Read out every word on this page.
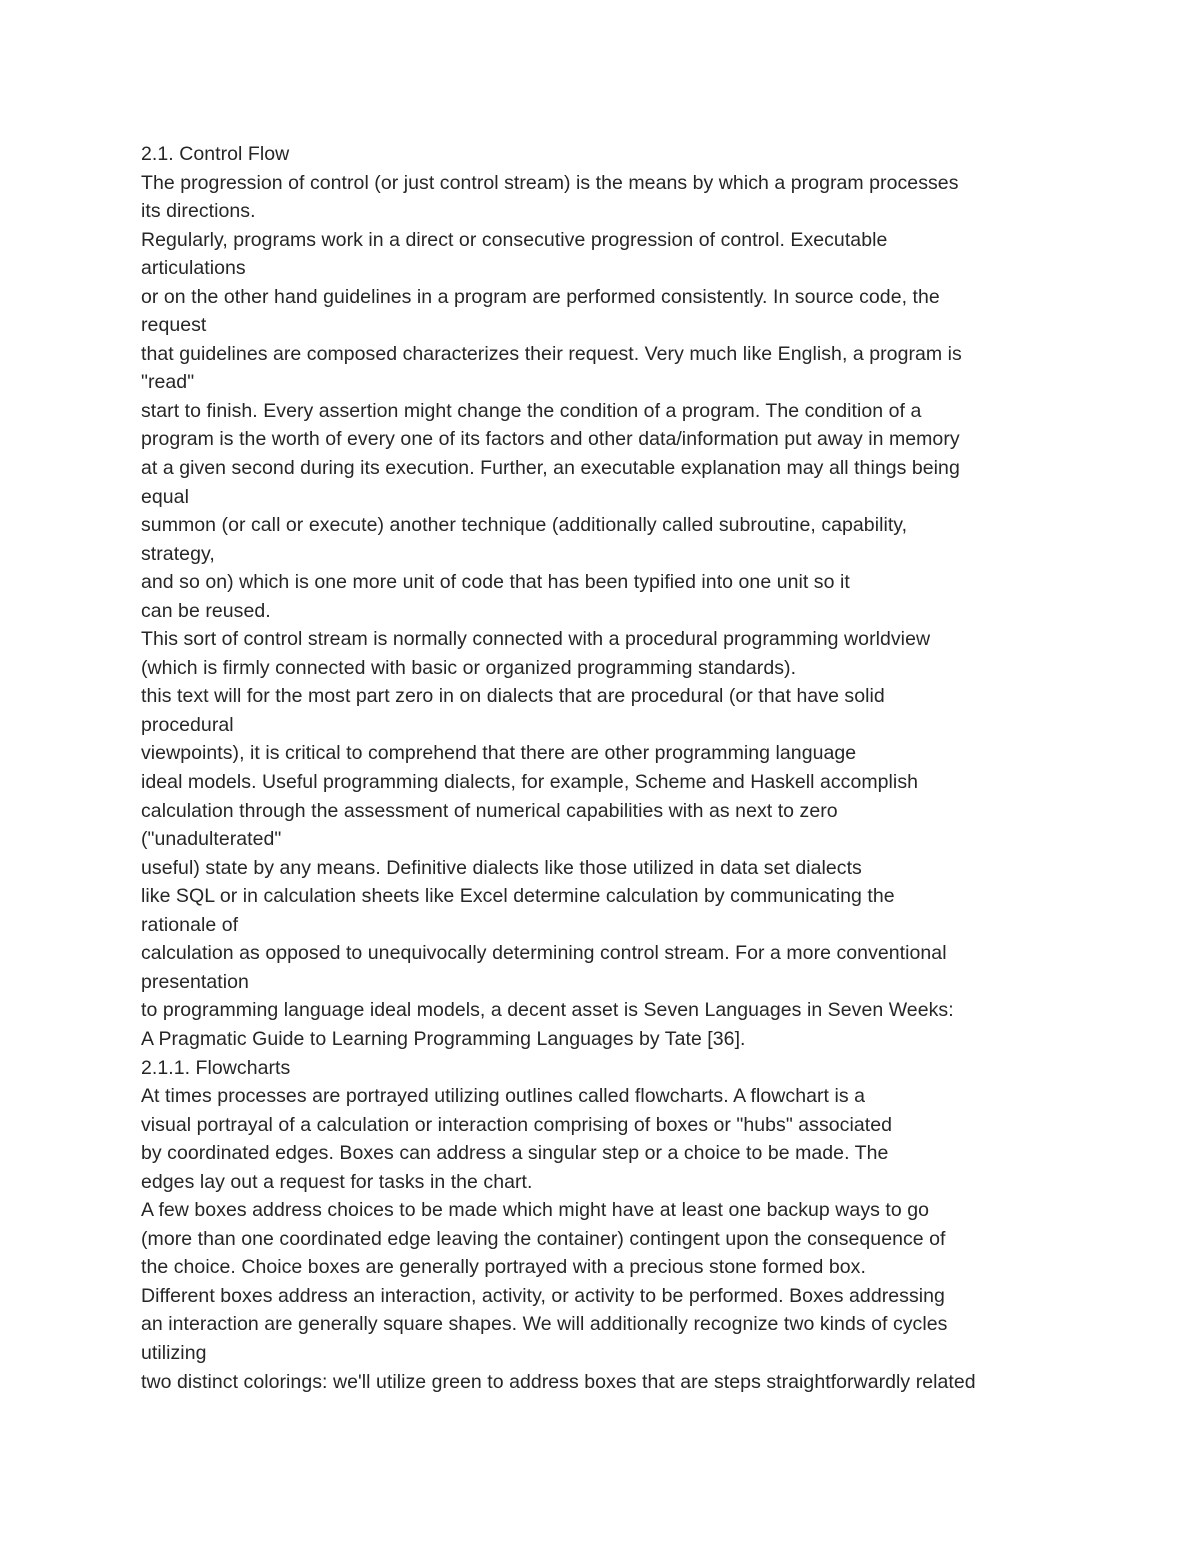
2.1. Control Flow
The progression of control (or just control stream) is the means by which a program processes
its directions.
Regularly, programs work in a direct or consecutive progression of control. Executable
articulations
or on the other hand guidelines in a program are performed consistently. In source code, the
request
that guidelines are composed characterizes their request. Very much like English, a program is
"read"
start to finish. Every assertion might change the condition of a program. The condition of a
program is the worth of every one of its factors and other data/information put away in memory
at a given second during its execution. Further, an executable explanation may all things being
equal
summon (or call or execute) another technique (additionally called subroutine, capability,
strategy,
and so on) which is one more unit of code that has been typified into one unit so it
can be reused.
This sort of control stream is normally connected with a procedural programming worldview
(which is firmly connected with basic or organized programming standards).
this text will for the most part zero in on dialects that are procedural (or that have solid
procedural
viewpoints), it is critical to comprehend that there are other programming language
ideal models. Useful programming dialects, for example, Scheme and Haskell accomplish
calculation through the assessment of numerical capabilities with as next to zero
("unadulterated"
useful) state by any means. Definitive dialects like those utilized in data set dialects
like SQL or in calculation sheets like Excel determine calculation by communicating the
rationale of
calculation as opposed to unequivocally determining control stream. For a more conventional
presentation
to programming language ideal models, a decent asset is Seven Languages in Seven Weeks:
A Pragmatic Guide to Learning Programming Languages by Tate [36].
2.1.1. Flowcharts
At times processes are portrayed utilizing outlines called flowcharts. A flowchart is a
visual portrayal of a calculation or interaction comprising of boxes or "hubs" associated
by coordinated edges. Boxes can address a singular step or a choice to be made. The
edges lay out a request for tasks in the chart.
A few boxes address choices to be made which might have at least one backup ways to go
(more than one coordinated edge leaving the container) contingent upon the consequence of
the choice. Choice boxes are generally portrayed with a precious stone formed box.
Different boxes address an interaction, activity, or activity to be performed. Boxes addressing
an interaction are generally square shapes. We will additionally recognize two kinds of cycles
utilizing
two distinct colorings: we'll utilize green to address boxes that are steps straightforwardly related
